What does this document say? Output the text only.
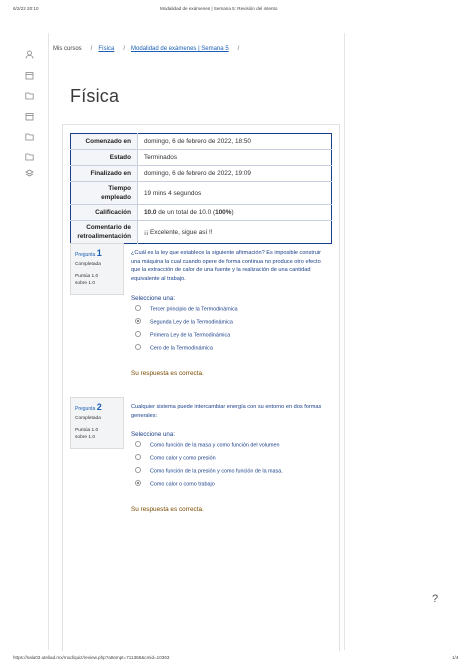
6/2/22 20:10	Modalidad de exámenes | Semana 5: Revisión del intento
https://sala03.uteliad.mx/mod/quiz/review.php?attempt=711368&cmid=10363	1/4
Mis cursos / Física / Modalidad de exámenes | Semana 5 /
Física
Comenzado en	domingo, 6 de febrero de 2022, 18:50
Estado	Terminados
Finalizado en	domingo, 6 de febrero de 2022, 19:09
Tiempo empleado	19 mins 4 segundos
Calificación	10.0 de un total de 10.0 (100%)
Comentario de retroalimentación	¡¡ Excelente, sigue así !!
Pregunta 1
Completada
Puntúa 1.0
sobre 1.0
¿Cuál es la ley que establece la siguiente afirmación? Es imposible construir una máquina la cual cuando opere de forma continua no produce otro efecto que la extracción de calor de una fuente y la realización de una cantidad equivalente al trabajo.
Seleccione una:
Tercer principio de la Termodinámica
Segunda Ley de la Termodinámica
Primera Ley de la Termodinámica
Cero de la Termodinámica
Su respuesta es correcta.
Pregunta 2
Completada
Puntúa 1.0
sobre 1.0
Cualquier sistema puede intercambiar energía con su entorno en dos formas generales:
Seleccione una:
Como función de la masa y como función del volumen
Como calor y como presión
Como función de la presión y como función de la masa.
Como calor o como trabajo
Su respuesta es correcta.
?
